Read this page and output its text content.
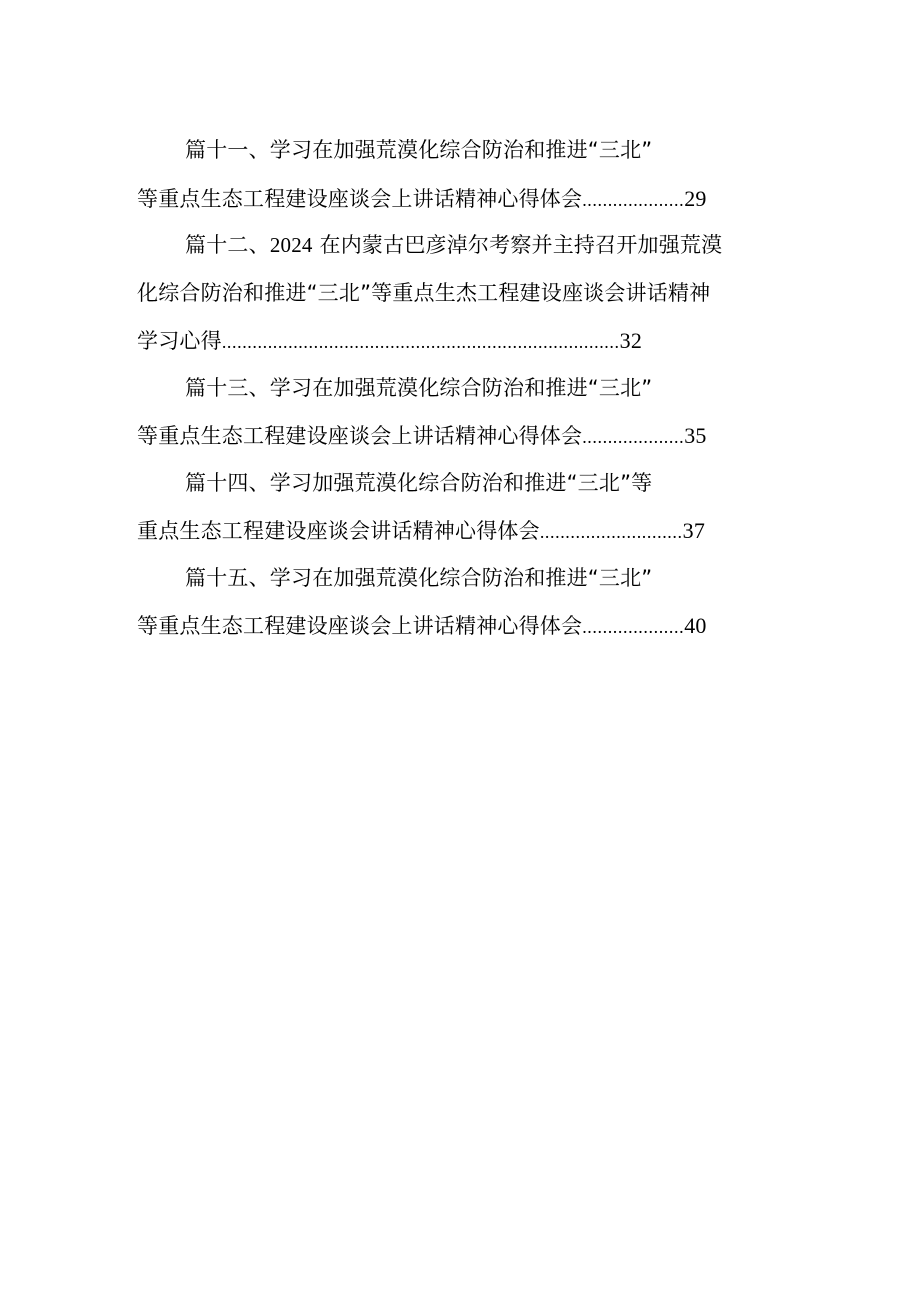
篇十一、学习在加强荒漠化综合防治和推进“三北”
等重点生态工程建设座谈会上讲话精神心得体会 .................... 29
篇十二、2024 在内蒙古巴彦淖尔考察并主持召开加强荒漠
化综合防治和推进“三北”等重点生杰工程建设座谈会讲话精神
学习心得 .............................................................................. 32
篇十三、学习在加强荒漠化综合防治和推进“三北”
等重点生态工程建设座谈会上讲话精神心得体会 .................... 35
篇十四、学习加强荒漠化综合防治和推进“三北”等
重点生态工程建设座谈会讲话精神心得体会 ............................ 37
篇十五、学习在加强荒漠化综合防治和推进“三北”
等重点生态工程建设座谈会上讲话精神心得体会 .................... 40
